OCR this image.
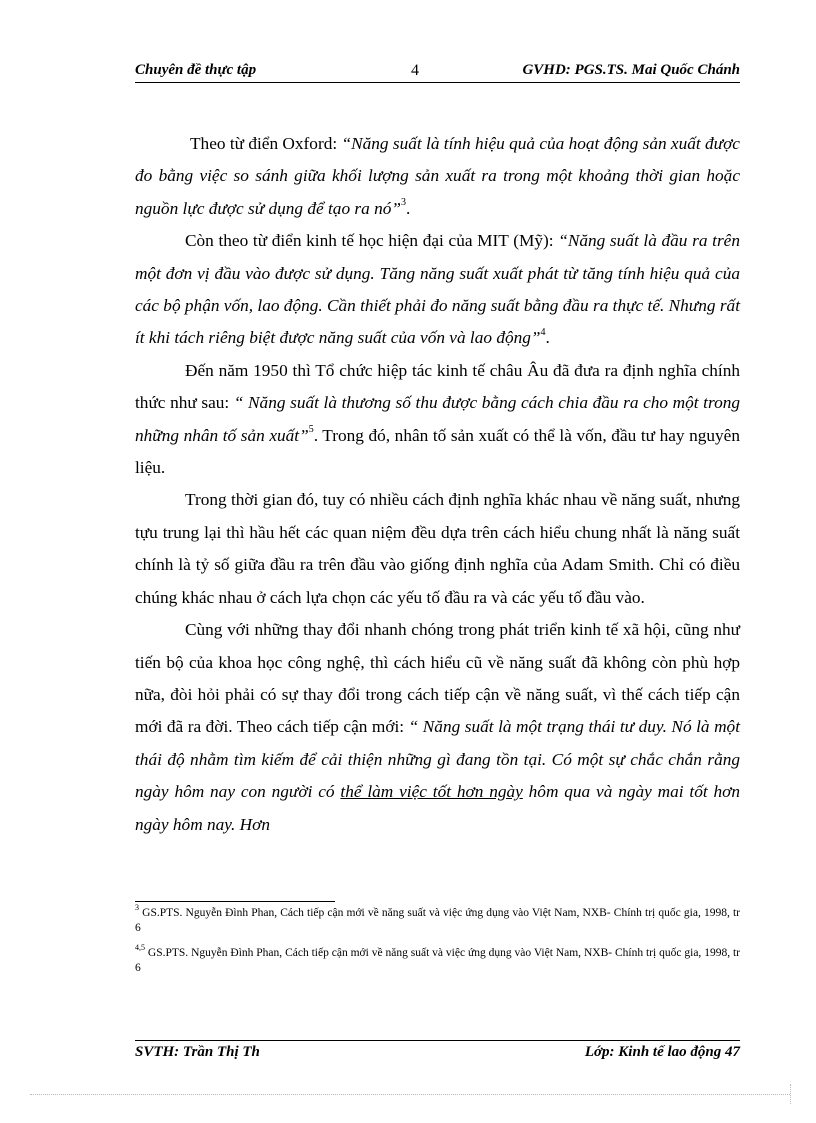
Chuyên đề thực tập	4	GVHD: PGS.TS. Mai Quốc Chánh

Theo từ điển Oxford: “Năng suất là tính hiệu quả của hoạt động sản xuất được đo bằng việc so sánh giữa khối lượng sản xuất ra trong một khoảng thời gian hoặc nguồn lực được sử dụng để tạo ra nó”$^3$.

Còn theo từ điển kinh tế học hiện đại của MIT (Mỹ): “Năng suất là đầu ra trên một đơn vị đầu vào được sử dụng. Tăng năng suất xuất phát từ tăng tính hiệu quả của các bộ phận vốn, lao động. Cần thiết phải đo năng suất bằng đầu ra thực tế. Nhưng rất ít khi tách riêng biệt được năng suất của vốn và lao động”$^4$.

Đến năm 1950 thì Tổ chức hiệp tác kinh tế châu Âu đã đưa ra định nghĩa chính thức như sau: “ Năng suất là thương số thu được bằng cách chia đầu ra cho một trong những nhân tố sản xuất”$^5$. Trong đó, nhân tố sản xuất có thể là vốn, đầu tư hay nguyên liệu.

Trong thời gian đó, tuy có nhiều cách định nghĩa khác nhau về năng suất, nhưng tựu trung lại thì hầu hết các quan niệm đều dựa trên cách hiểu chung nhất là năng suất chính là tỷ số giữa đầu ra trên đầu vào giống định nghĩa của Adam Smith. Chỉ có điều chúng khác nhau ở cách lựa chọn các yếu tố đầu ra và các yếu tố đầu vào.

Cùng với những thay đổi nhanh chóng trong phát triển kinh tế xã hội, cũng như tiến bộ của khoa học công nghệ, thì cách hiểu cũ về năng suất đã không còn phù hợp nữa, đòi hỏi phải có sự thay đổi trong cách tiếp cận về năng suất, vì thế cách tiếp cận mới đã ra đời. Theo cách tiếp cận mới: “ Năng suất là một trạng thái tư duy. Nó là một thái độ nhằm tìm kiếm để cải thiện những gì đang tồn tại. Có một sự chắc chắn rằng ngày hôm nay con người có thể làm việc tốt hơn ngày hôm qua và ngày mai tốt hơn ngày hôm nay. Hơn

$^3$ GS.PTS. Nguyễn Đình Phan, Cách tiếp cận mới về năng suất và việc ứng dụng vào Việt Nam, NXB- Chính trị quốc gia, 1998, tr 6

$^{4,5}$ GS.PTS. Nguyễn Đình Phan, Cách tiếp cận mới về năng suất và việc ứng dụng vào Việt Nam, NXB- Chính trị quốc gia, 1998, tr 6

SVTH: Trần Thị Th	Lớp: Kinh tế lao động 47
